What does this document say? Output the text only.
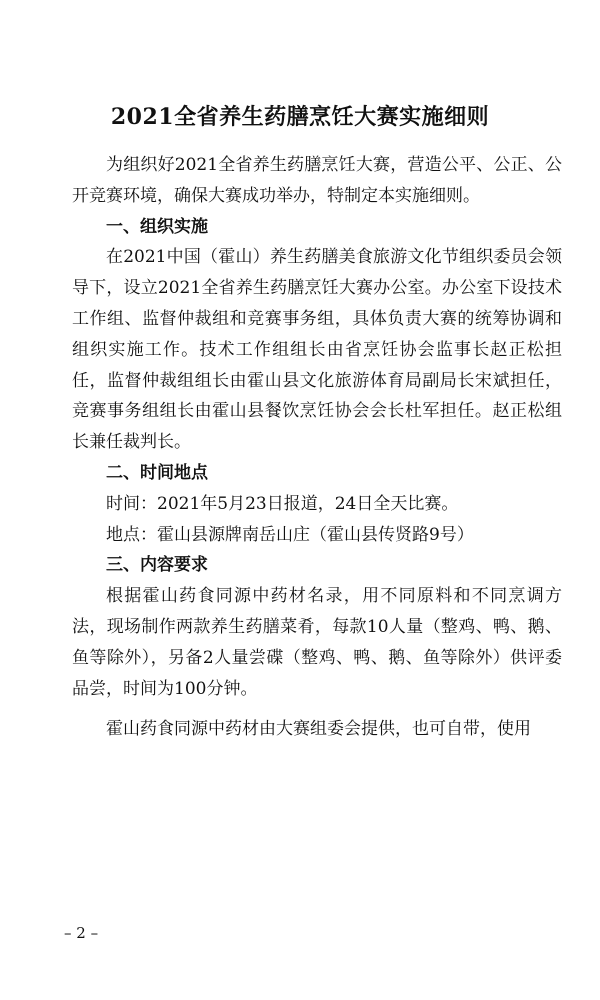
2021全省养生药膳烹饪大赛实施细则

为组织好2021全省养生药膳烹饪大赛，营造公平、公正、公开竞赛环境，确保大赛成功举办，特制定本实施细则。

一、组织实施

在2021中国（霍山）养生药膳美食旅游文化节组织委员会领导下，设立2021全省养生药膳烹饪大赛办公室。办公室下设技术工作组、监督仲裁组和竞赛事务组，具体负责大赛的统筹协调和组织实施工作。技术工作组组长由省烹饪协会监事长赵正松担任，监督仲裁组组长由霍山县文化旅游体育局副局长宋斌担任，竞赛事务组组长由霍山县餐饮烹饪协会会长杜军担任。赵正松组长兼任裁判长。

二、时间地点

时间：2021年5月23日报道，24日全天比赛。

地点：霍山县源牌南岳山庄（霍山县传贤路9号）

三、内容要求

根据霍山药食同源中药材名录，用不同原料和不同烹调方法，现场制作两款养生药膳菜肴，每款10人量（整鸡、鸭、鹅、鱼等除外），另备2人量尝碟（整鸡、鸭、鹅、鱼等除外）供评委品尝，时间为100分钟。

霍山药食同源中药材由大赛组委会提供，也可自带，使用

– 2 –
